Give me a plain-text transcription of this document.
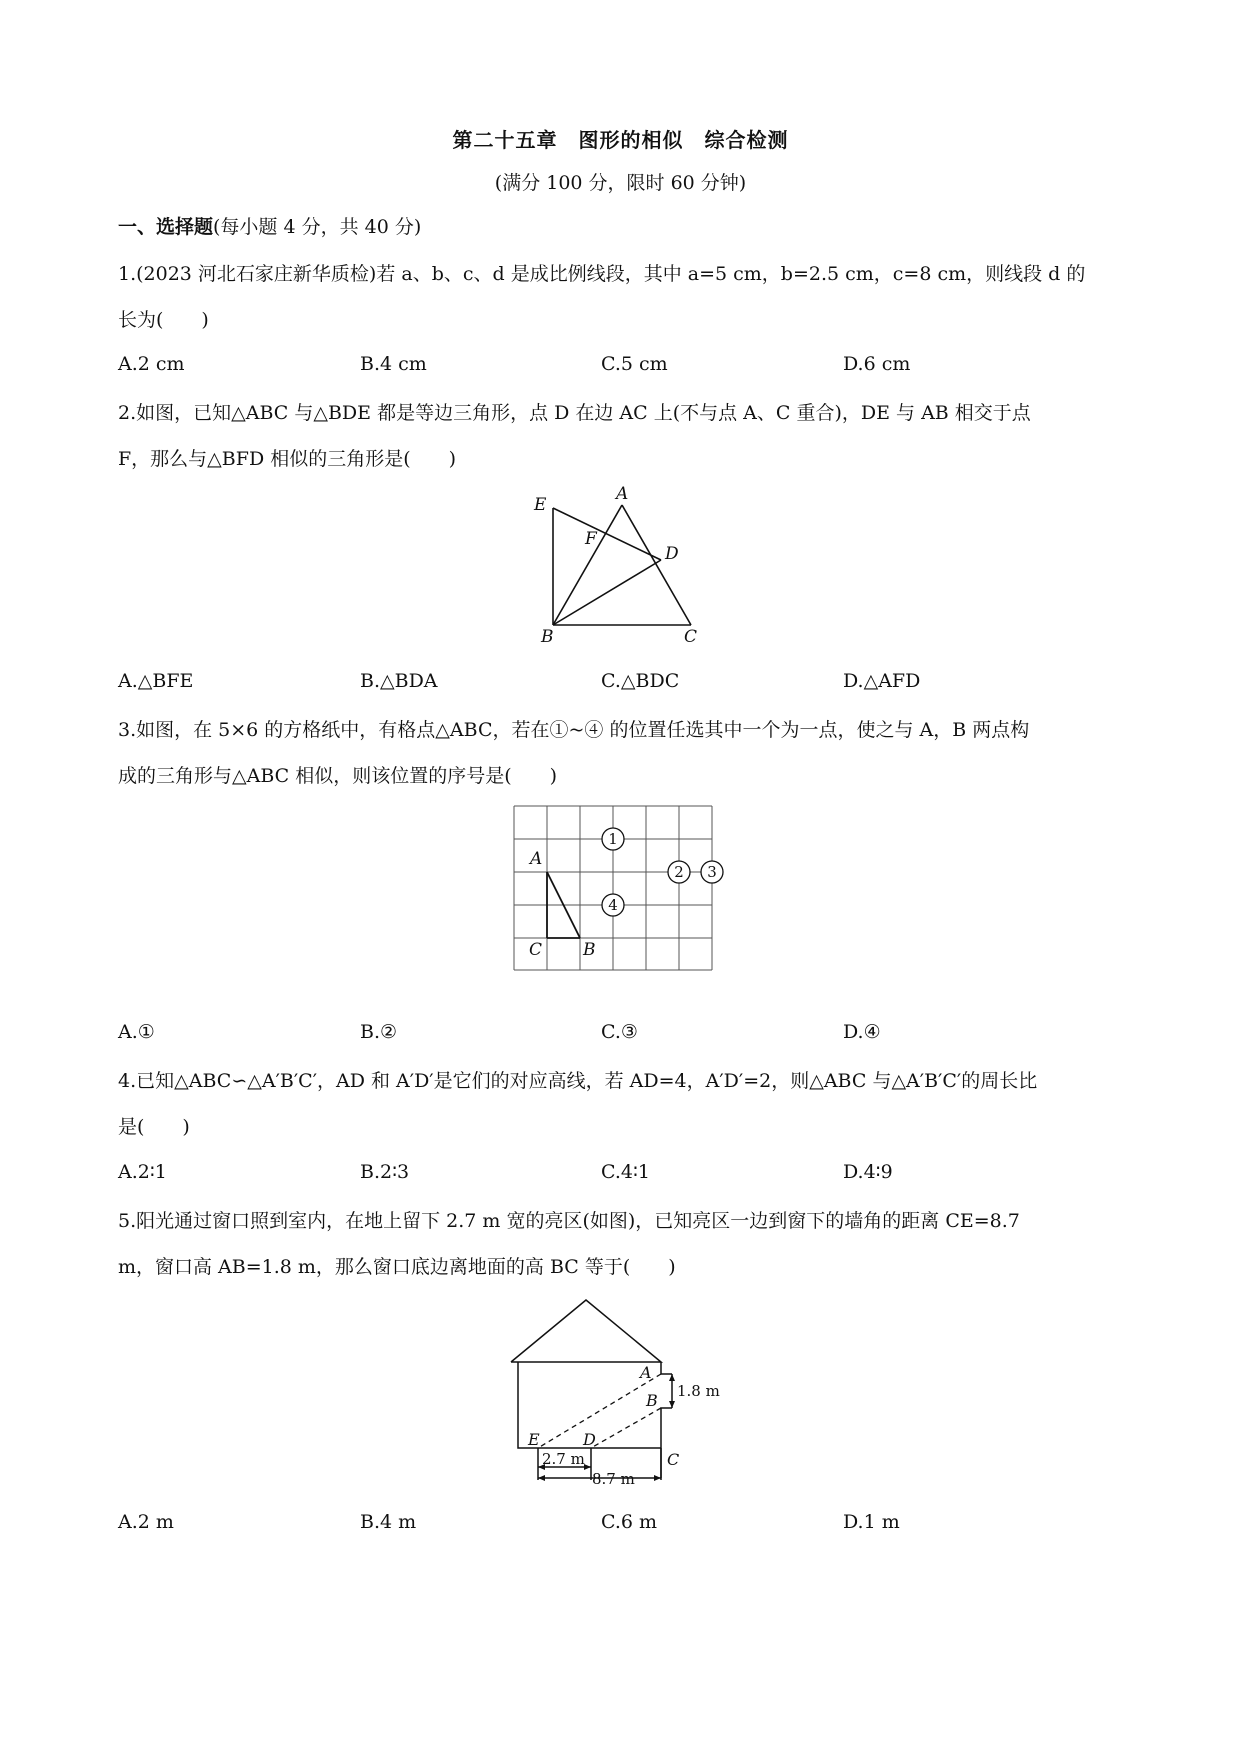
第二十五章　图形的相似　综合检测
(满分 100 分，限时 60 分钟)
一、选择题(每小题 4 分，共 40 分)
1.(2023 河北石家庄新华质检)若 a、b、c、d 是成比例线段，其中 a=5 cm，b=2.5 cm，c=8 cm，则线段 d 的
长为(　　)
A.2 cm	B.4 cm	C.5 cm	D.6 cm
2.如图，已知△ABC 与△BDE 都是等边三角形，点 D 在边 AC 上(不与点 A、C 重合)，DE 与 AB 相交于点
F，那么与△BFD 相似的三角形是(　　)
E
A
F
D
B	C
A.△BFE	B.△BDA	C.△BDC	D.△AFD
3.如图，在 5×6 的方格纸中，有格点△ABC，若在①~④ 的位置任选其中一个为一点，使之与 A，B 两点构
成的三角形与△ABC 相似，则该位置的序号是(　　)
A
B
C
1
2 3
4
A.①	B.②	C.③	D.④
4.已知△ABC∽△A′B′C′，AD 和 A′D′是它们的对应高线，若 AD=4，A′D′=2，则△ABC 与△A′B′C′的周长比
是(　　)
A.2∶1	B.2∶3	C.4∶1	D.4∶9
5.阳光通过窗口照到室内，在地上留下 2.7 m 宽的亮区(如图)，已知亮区一边到窗下的墙角的距离 CE=8.7
m，窗口高 AB=1.8 m，那么窗口底边离地面的高 BC 等于(　　)
A
B
C
D
E
1.8 m
2.7 m
8.7 m
A.2 m	B.4 m	C.6 m	D.1 m
